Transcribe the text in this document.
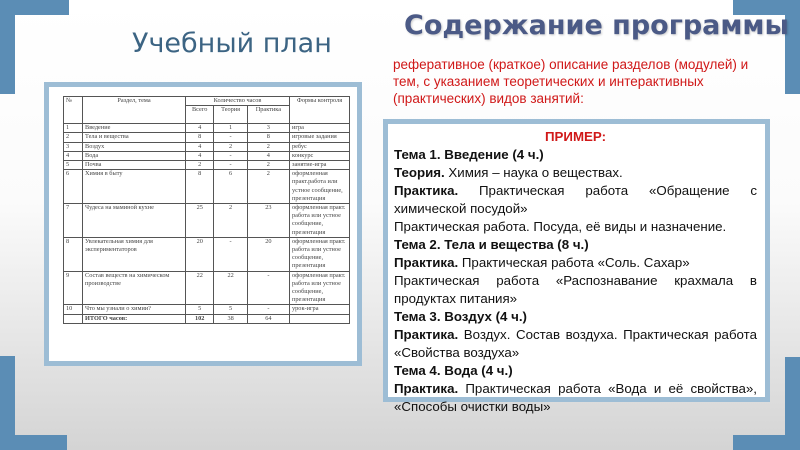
Учебный план
Содержание программы
реферативное (краткое) описание разделов (модулей) и тем, с указанием теоретических и интерактивных (практических) видов занятий:
№	Раздел, тема	Количество часов			Формы контроля
		Всего	Теория	Практика	
1	Введение	4	1	3	игра
2	Тела и вещества	8	-	8	игровые задания
3	Воздух	4	2	2	ребус
4	Вода	4	-	4	конкурс
5	Почва	2	-	2	занятие-игра
6	Химия в быту	8	6	2	оформленная практ.работа или устное сообщение, презентация
7	Чудеса на маминой кухне	25	2	23	оформленная практ. работа или устное сообщение, презентация
8	Увлекательная химия для экспериментаторов	20	-	20	оформленная практ. работа или устное сообщение, презентация
9	Состав веществ на химическом производстве	22	22	-	оформленная практ. работа или устное сообщение, презентация
10	Что мы узнали о химии?	5	5	-	урок-игра
	ИТОГО часов:	102	38	64	
ПРИМЕР:
Тема 1. Введение (4 ч.)
Теория. Химия – наука о веществах.
Практика. Практическая работа «Обращение с химической посудой»
Практическая работа. Посуда, её виды и назначение.
Тема 2. Тела и вещества (8 ч.)
Практика. Практическая работа «Соль. Сахар»
Практическая работа «Распознавание крахмала в продуктах питания»
Тема 3. Воздух (4 ч.)
Практика. Воздух. Состав воздуха. Практическая работа «Свойства воздуха»
Тема 4. Вода (4 ч.)
Практика. Практическая работа «Вода и её свойства», «Способы очистки воды»
